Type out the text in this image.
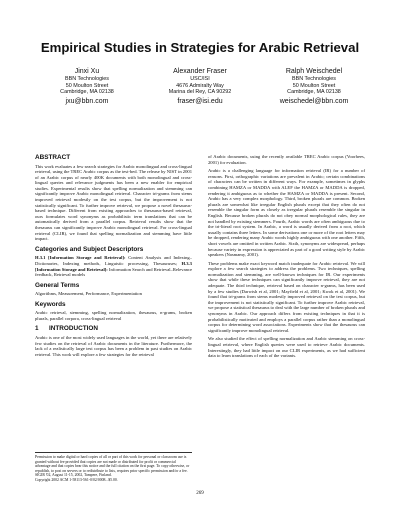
Empirical Studies in Strategies for Arabic Retrieval
Jinxi Xu
BBN Technologies
50 Moulton Street
Cambridge, MA 02138
jxu@bbn.com
Alexander Fraser
USC/ISI
4676 Admiralty Way
Marina del Rey, CA 90292
fraser@isi.edu
Ralph Weischedel
BBN Technologies
50 Moulton Street
Cambridge, MA 02138
weischedel@bbn.com
ABSTRACT

This work evaluates a few search strategies for Arabic monolingual and cross-lingual retrieval, using the TREC Arabic corpus as the test-bed. The release by NIST in 2001 of an Arabic corpus of nearly 400K documents with both monolingual and cross-lingual queries and relevance judgments has been a new enabler for empirical studies. Experimental results show that spelling normalization and stemming can significantly improve Arabic monolingual retrieval. Character tri-grams from stems improved retrieval modestly on the test corpus, but the improvement is not statistically significant. To further improve retrieval, we propose a novel thesaurus-based technique. Different from existing approaches to thesaurus-based retrieval, ours formulates word synonyms as probabilistic term translations that can be automatically derived from a parallel corpus. Retrieval results show that the thesaurus can significantly improve Arabic monolingual retrieval. For cross-lingual retrieval (CLIR), we found that spelling normalization and stemming have little impact.

Categories and Subject Descriptors

H.3.1 [Information Storage and Retrieval]: Content Analysis and Indexing–Dictionaries, Indexing methods, Linguistic processing, Thesauruses; H.3.3 [Information Storage and Retrieval]: Information Search and Retrieval–Relevance feedback, Retrieval models

General Terms

Algorithms, Measurement, Performance, Experimentation

Keywords

Arabic retrieval, stemming, spelling normalization, thesaurus, n-grams, broken plurals, parallel corpora, cross-lingual retrieval

1 INTRODUCTION

Arabic is one of the most widely used languages in the world, yet there are relatively few studies on the retrieval of Arabic documents in the literature. Furthermore, the lack of a realistically large test corpus has been a problem in past studies on Arabic retrieval. This work will explore a few strategies for the retrieval

Permission to make digital or hard copies of all or part of this work for personal or classroom use is granted without fee provided that copies are not made or distributed for profit or commercial advantage and that copies bear this notice and the full citation on the first page. To copy otherwise, or republish, to post on servers or to redistribute to lists, requires prior specific permission and/or a fee.

SIGIR '02, August 11-15, 2002, Tampere, Finland.

Copyright 2002 ACM 1-58113-561-0/02/0008...$5.00.

of Arabic documents, using the recently available TREC Arabic corpus (Voorhees, 2001) for evaluation.

Arabic is a challenging language for information retrieval (IR) for a number of reasons. First, orthographic variations are prevalent in Arabic; certain combinations of characters can be written in different ways. For example, sometimes in glyphs combining HAMZA or MADDA with ALEF the HAMZA or MADDA is dropped, rendering it ambiguous as to whether the HAMZA or MADDA is present. Second, Arabic has a very complex morphology. Third, broken plurals are common. Broken plurals are somewhat like irregular English plurals except that they often do not resemble the singular form as closely as irregular plurals resemble the singular in English. Because broken plurals do not obey normal morphological rules, they are not handled by existing stemmers. Fourth, Arabic words are often ambiguous due to the tri-literal root system. In Arabic, a word is usually derived from a root, which usually contains three letters. In some derivations one or more of the root letters may be dropped, rendering many Arabic words highly ambiguous with one another. Fifth, short vowels are omitted in written Arabic. Sixth, synonyms are widespread, perhaps because variety in expression is appreciated as part of a good writing style by Arabic speakers (Nasmamy, 2001).

These problems make exact keyword match inadequate for Arabic retrieval. We will explore a few search strategies to address the problems. Two techniques, spelling normalization and stemming, are well-known techniques for IR. Our experiments show that while these techniques can significantly improve retrieval, they are not adequate. The third technique, retrieval based on character n-grams, has been used by a few studies (Darwish et al, 2001; Mayfield et al, 2001; Kwok et al, 2001). We found that tri-grams from stems modestly improved retrieval on the test corpus, but the improvement is not statistically significant. To further improve Arabic retrieval, we propose a statistical thesaurus to deal with the large number of broken plurals and synonyms in Arabic. Our approach differs from existing techniques in that it is probabilistically motivated and employs a parallel corpus rather than a monolingual corpus for determining word associations. Experiments show that the thesaurus can significantly improve monolingual retrieval.

We also studied the effect of spelling normalization and Arabic stemming on cross-lingual retrieval, where English queries were used to retrieve Arabic documents. Interestingly, they had little impact on our CLIR experiments, as we had sufficient data to learn translations of each of the variants.

269
